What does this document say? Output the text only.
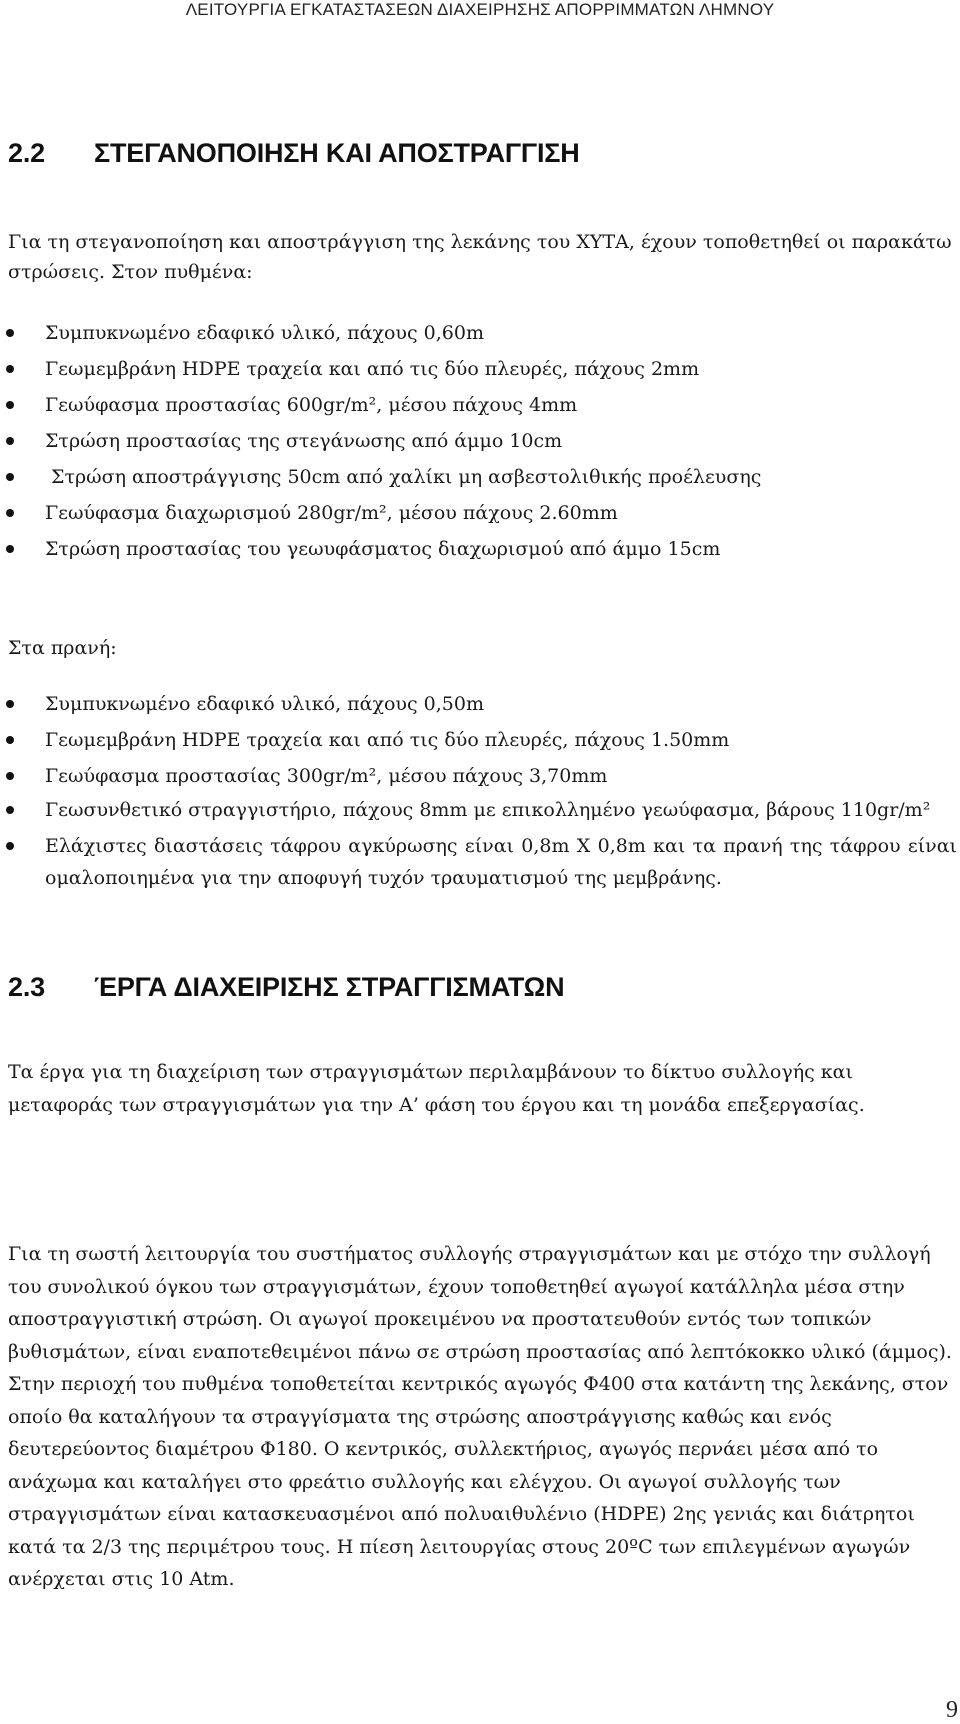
ΛΕΙΤΟΥΡΓΙΑ ΕΓΚΑΤΑΣΤΑΣΕΩΝ ΔΙΑΧΕΙΡΗΣΗΣ ΑΠΟΡΡΙΜΜΑΤΩΝ ΛΗΜΝΟΥ
2.2 ΣΤΕΓΑΝΟΠΟΙΗΣΗ ΚΑΙ ΑΠΟΣΤΡΑΓΓΙΣΗ
Για τη στεγανοποίηση και αποστράγγιση της λεκάνης του ΧΥΤΑ, έχουν τοποθετηθεί οι παρακάτω στρώσεις. Στον πυθμένα:
Συμπυκνωμένο εδαφικό υλικό, πάχους 0,60m
Γεωμεμβράνη HDPE τραχεία και από τις δύο πλευρές, πάχους 2mm
Γεωύφασμα προστασίας 600gr/m², μέσου πάχους 4mm
Στρώση προστασίας της στεγάνωσης από άμμο 10cm
Στρώση αποστράγγισης 50cm από χαλίκι μη ασβεστολιθικής προέλευσης
Γεωύφασμα διαχωρισμού 280gr/m², μέσου πάχους 2.60mm
Στρώση προστασίας του γεωυφάσματος διαχωρισμού από άμμο 15cm
Στα πρανή:
Συμπυκνωμένο εδαφικό υλικό, πάχους 0,50m
Γεωμεμβράνη HDPE τραχεία και από τις δύο πλευρές, πάχους 1.50mm
Γεωύφασμα προστασίας 300gr/m², μέσου πάχους 3,70mm
Γεωσυνθετικό στραγγιστήριο, πάχους 8mm με επικολλημένο γεωύφασμα, βάρους 110gr/m²
Ελάχιστες διαστάσεις τάφρου αγκύρωσης είναι 0,8m Χ 0,8m και τα πρανή της τάφρου είναι ομαλοποιημένα για την αποφυγή τυχόν τραυματισμού της μεμβράνης.
2.3 ΈΡΓΑ ΔΙΑΧΕΙΡΙΣΗΣ ΣΤΡΑΓΓΙΣΜΑΤΩΝ
Τα έργα για τη διαχείριση των στραγγισμάτων περιλαμβάνουν το δίκτυο συλλογής και μεταφοράς των στραγγισμάτων για την Α’ φάση του έργου και τη μονάδα επεξεργασίας.
Για τη σωστή λειτουργία του συστήματος συλλογής στραγγισμάτων και με στόχο την συλλογή του συνολικού όγκου των στραγγισμάτων, έχουν τοποθετηθεί αγωγοί κατάλληλα μέσα στην αποστραγγιστική στρώση. Οι αγωγοί προκειμένου να προστατευθούν εντός των τοπικών βυθισμάτων, είναι εναποτεθειμένοι πάνω σε στρώση προστασίας από λεπτόκοκκο υλικό (άμμος). Στην περιοχή του πυθμένα τοποθετείται κεντρικός αγωγός Φ400 στα κατάντη της λεκάνης, στον οποίο θα καταλήγουν τα στραγγίσματα της στρώσης αποστράγγισης καθώς και ενός δευτερεύοντος διαμέτρου Φ180. Ο κεντρικός, συλλεκτήριος, αγωγός περνάει μέσα από το ανάχωμα και καταλήγει στο φρεάτιο συλλογής και ελέγχου. Οι αγωγοί συλλογής των στραγγισμάτων είναι κατασκευασμένοι από πολυαιθυλένιο (HDPE) 2ης γενιάς και διάτρητοι κατά τα 2/3 της περιμέτρου τους. Η πίεση λειτουργίας στους 20ºC των επιλεγμένων αγωγών ανέρχεται στις 10 Atm.
9
